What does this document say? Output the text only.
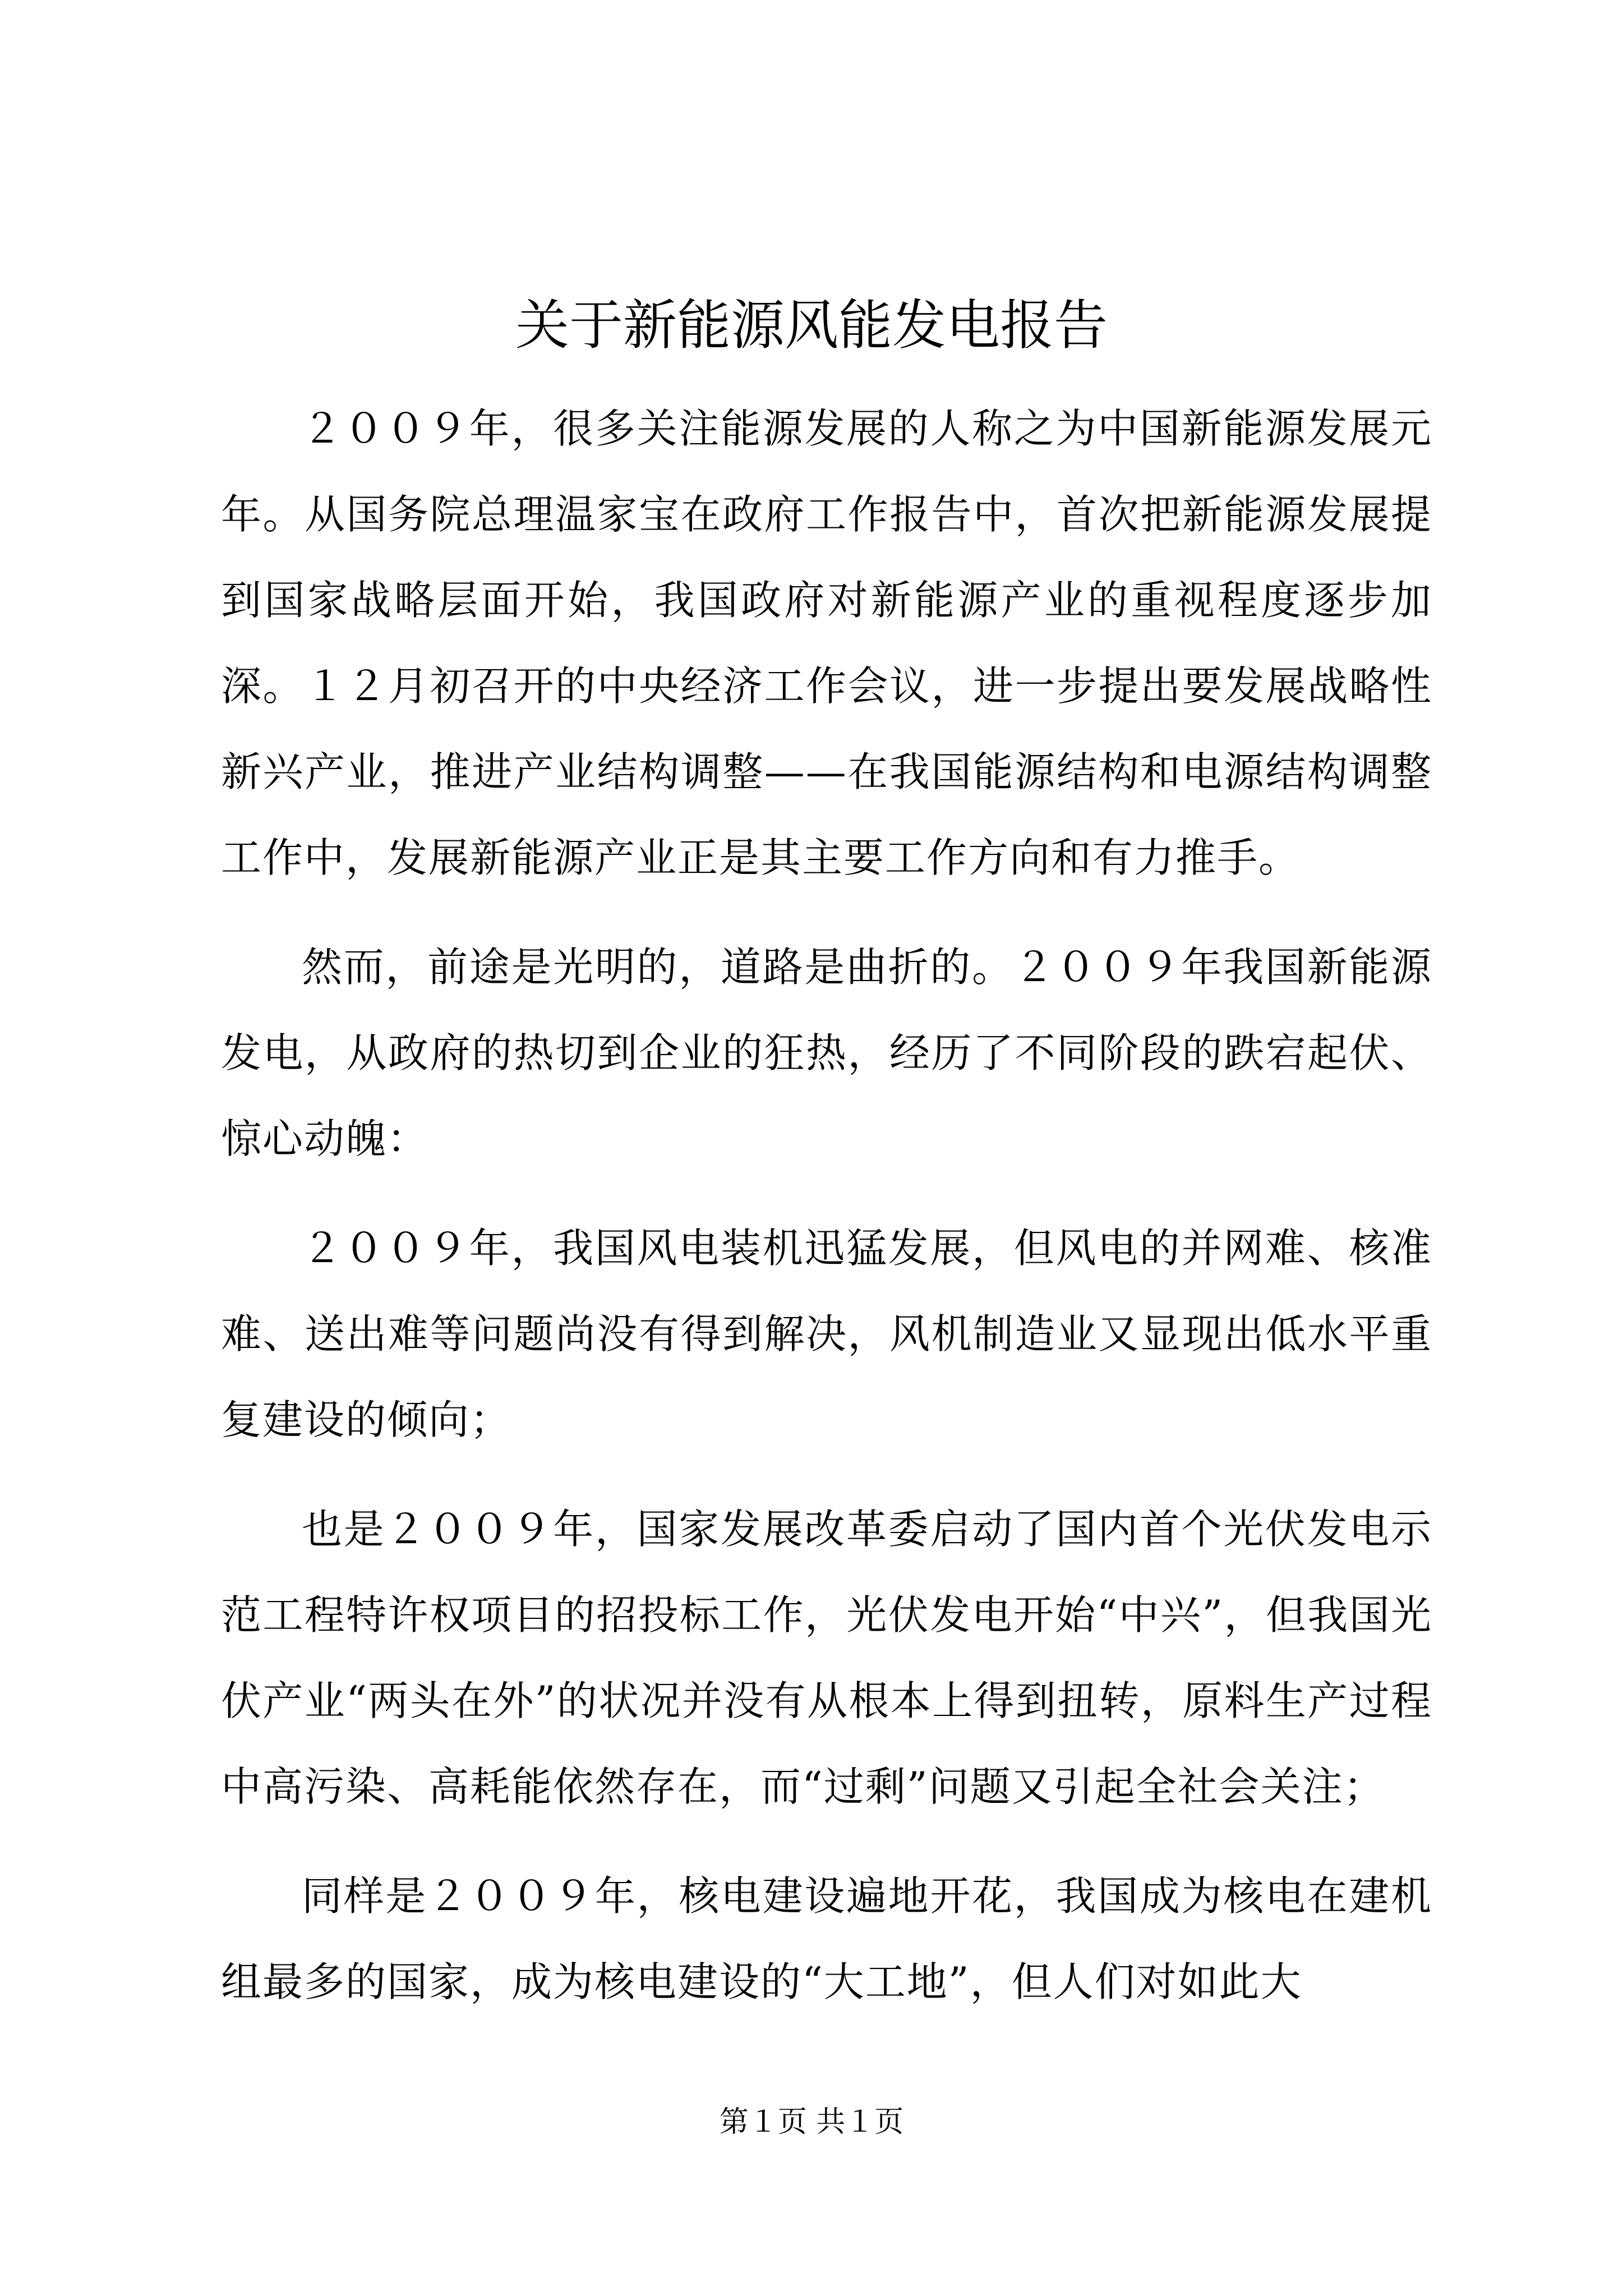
关于新能源风能发电报告

２００９年，很多关注能源发展的人称之为中国新能源发展元年。从国务院总理温家宝在政府工作报告中，首次把新能源发展提到国家战略层面开始，我国政府对新能源产业的重视程度逐步加深。１２月初召开的中央经济工作会议，进一步提出要发展战略性新兴产业，推进产业结构调整——在我国能源结构和电源结构调整工作中，发展新能源产业正是其主要工作方向和有力推手。

然而，前途是光明的，道路是曲折的。２００９年我国新能源发电，从政府的热切到企业的狂热，经历了不同阶段的跌宕起伏、惊心动魄：

２００９年，我国风电装机迅猛发展，但风电的并网难、核准难、送出难等问题尚没有得到解决，风机制造业又显现出低水平重复建设的倾向；

也是２００９年，国家发展改革委启动了国内首个光伏发电示范工程特许权项目的招投标工作，光伏发电开始“中兴”，但我国光伏产业“两头在外”的状况并没有从根本上得到扭转，原料生产过程中高污染、高耗能依然存在，而“过剩”问题又引起全社会关注；

同样是２００９年，核电建设遍地开花，我国成为核电在建机组最多的国家，成为核电建设的“大工地”，但人们对如此大

第１页 共１页
